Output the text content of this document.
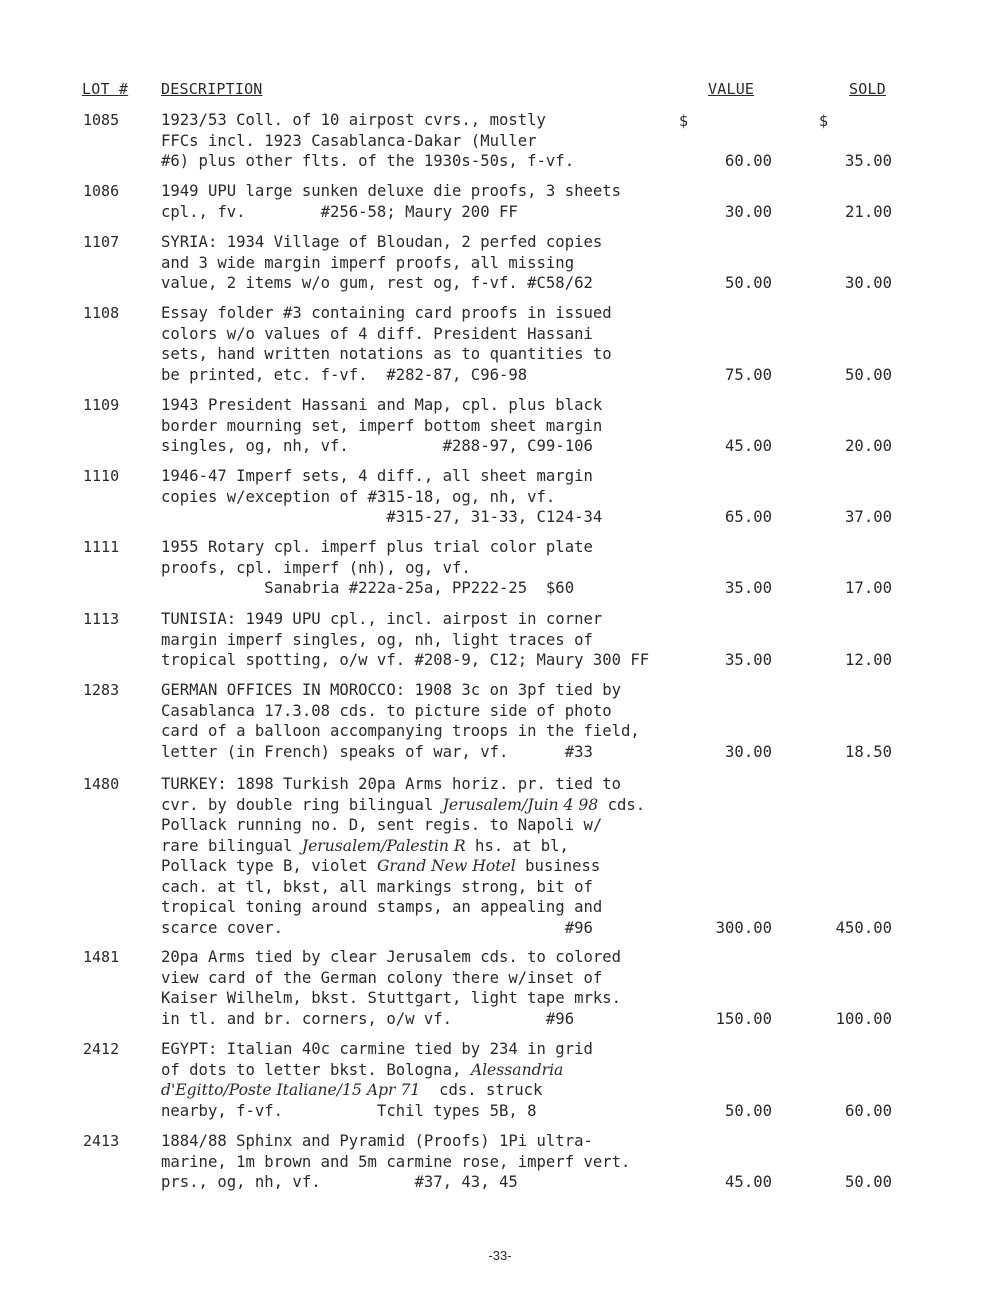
LOT # DESCRIPTION	VALUE	SOLD
$	$
1085	1923/53 Coll. of 10 airpost cvrs., mostly
FFCs incl. 1923 Casablanca-Dakar (Muller
#6) plus other flts. of the 1930s-50s, f-vf.	60.00	35.00
1086	1949 UPU large sunken deluxe die proofs, 3 sheets
cpl., fv.        #256-58; Maury 200 FF	30.00	21.00
1107	SYRIA: 1934 Village of Bloudan, 2 perfed copies
and 3 wide margin imperf proofs, all missing
value, 2 items w/o gum, rest og, f-vf. #C58/62	50.00	30.00
1108	Essay folder #3 containing card proofs in issued
colors w/o values of 4 diff. President Hassani
sets, hand written notations as to quantities to
be printed, etc. f-vf.  #282-87, C96-98	75.00	50.00
1109	1943 President Hassani and Map, cpl. plus black
border mourning set, imperf bottom sheet margin
singles, og, nh, vf.          #288-97, C99-106	45.00	20.00
1110	1946-47 Imperf sets, 4 diff., all sheet margin
copies w/exception of #315-18, og, nh, vf.
#315-27, 31-33, C124-34	65.00	37.00
1111	1955 Rotary cpl. imperf plus trial color plate
proofs, cpl. imperf (nh), og, vf.
Sanabria #222a-25a, PP222-25  $60	35.00	17.00
1113	TUNISIA: 1949 UPU cpl., incl. airpost in corner
margin imperf singles, og, nh, light traces of
tropical spotting, o/w vf. #208-9, C12; Maury 300 FF	35.00	12.00
1283	GERMAN OFFICES IN MOROCCO: 1908 3c on 3pf tied by
Casablanca 17.3.08 cds. to picture side of photo
card of a balloon accompanying troops in the field,
letter (in French) speaks of war, vf.      #33	30.00	18.50
1480	TURKEY: 1898 Turkish 20pa Arms horiz. pr. tied to
cvr. by double ring bilingual Jerusalem/Juin 4 98 cds.
Pollack running no. D, sent regis. to Napoli w/
rare bilingual Jerusalem/Palestin R hs. at bl,
Pollack type B, violet Grand New Hotel business
cach. at tl, bkst, all markings strong, bit of
tropical toning around stamps, an appealing and
scarce cover.                              #96	300.00	450.00
1481	20pa Arms tied by clear Jerusalem cds. to colored
view card of the German colony there w/inset of
Kaiser Wilhelm, bkst. Stuttgart, light tape mrks.
in tl. and br. corners, o/w vf.          #96	150.00	100.00
2412	EGYPT: Italian 40c carmine tied by 234 in grid
of dots to letter bkst. Bologna, Alessandria
d'Egitto/Poste Italiane/15 Apr 71  cds. struck
nearby, f-vf.          Tchil types 5B, 8	50.00	60.00
2413	1884/88 Sphinx and Pyramid (Proofs) 1Pi ultra-
marine, 1m brown and 5m carmine rose, imperf vert.
prs., og, nh, vf.          #37, 43, 45	45.00	50.00
-33-
